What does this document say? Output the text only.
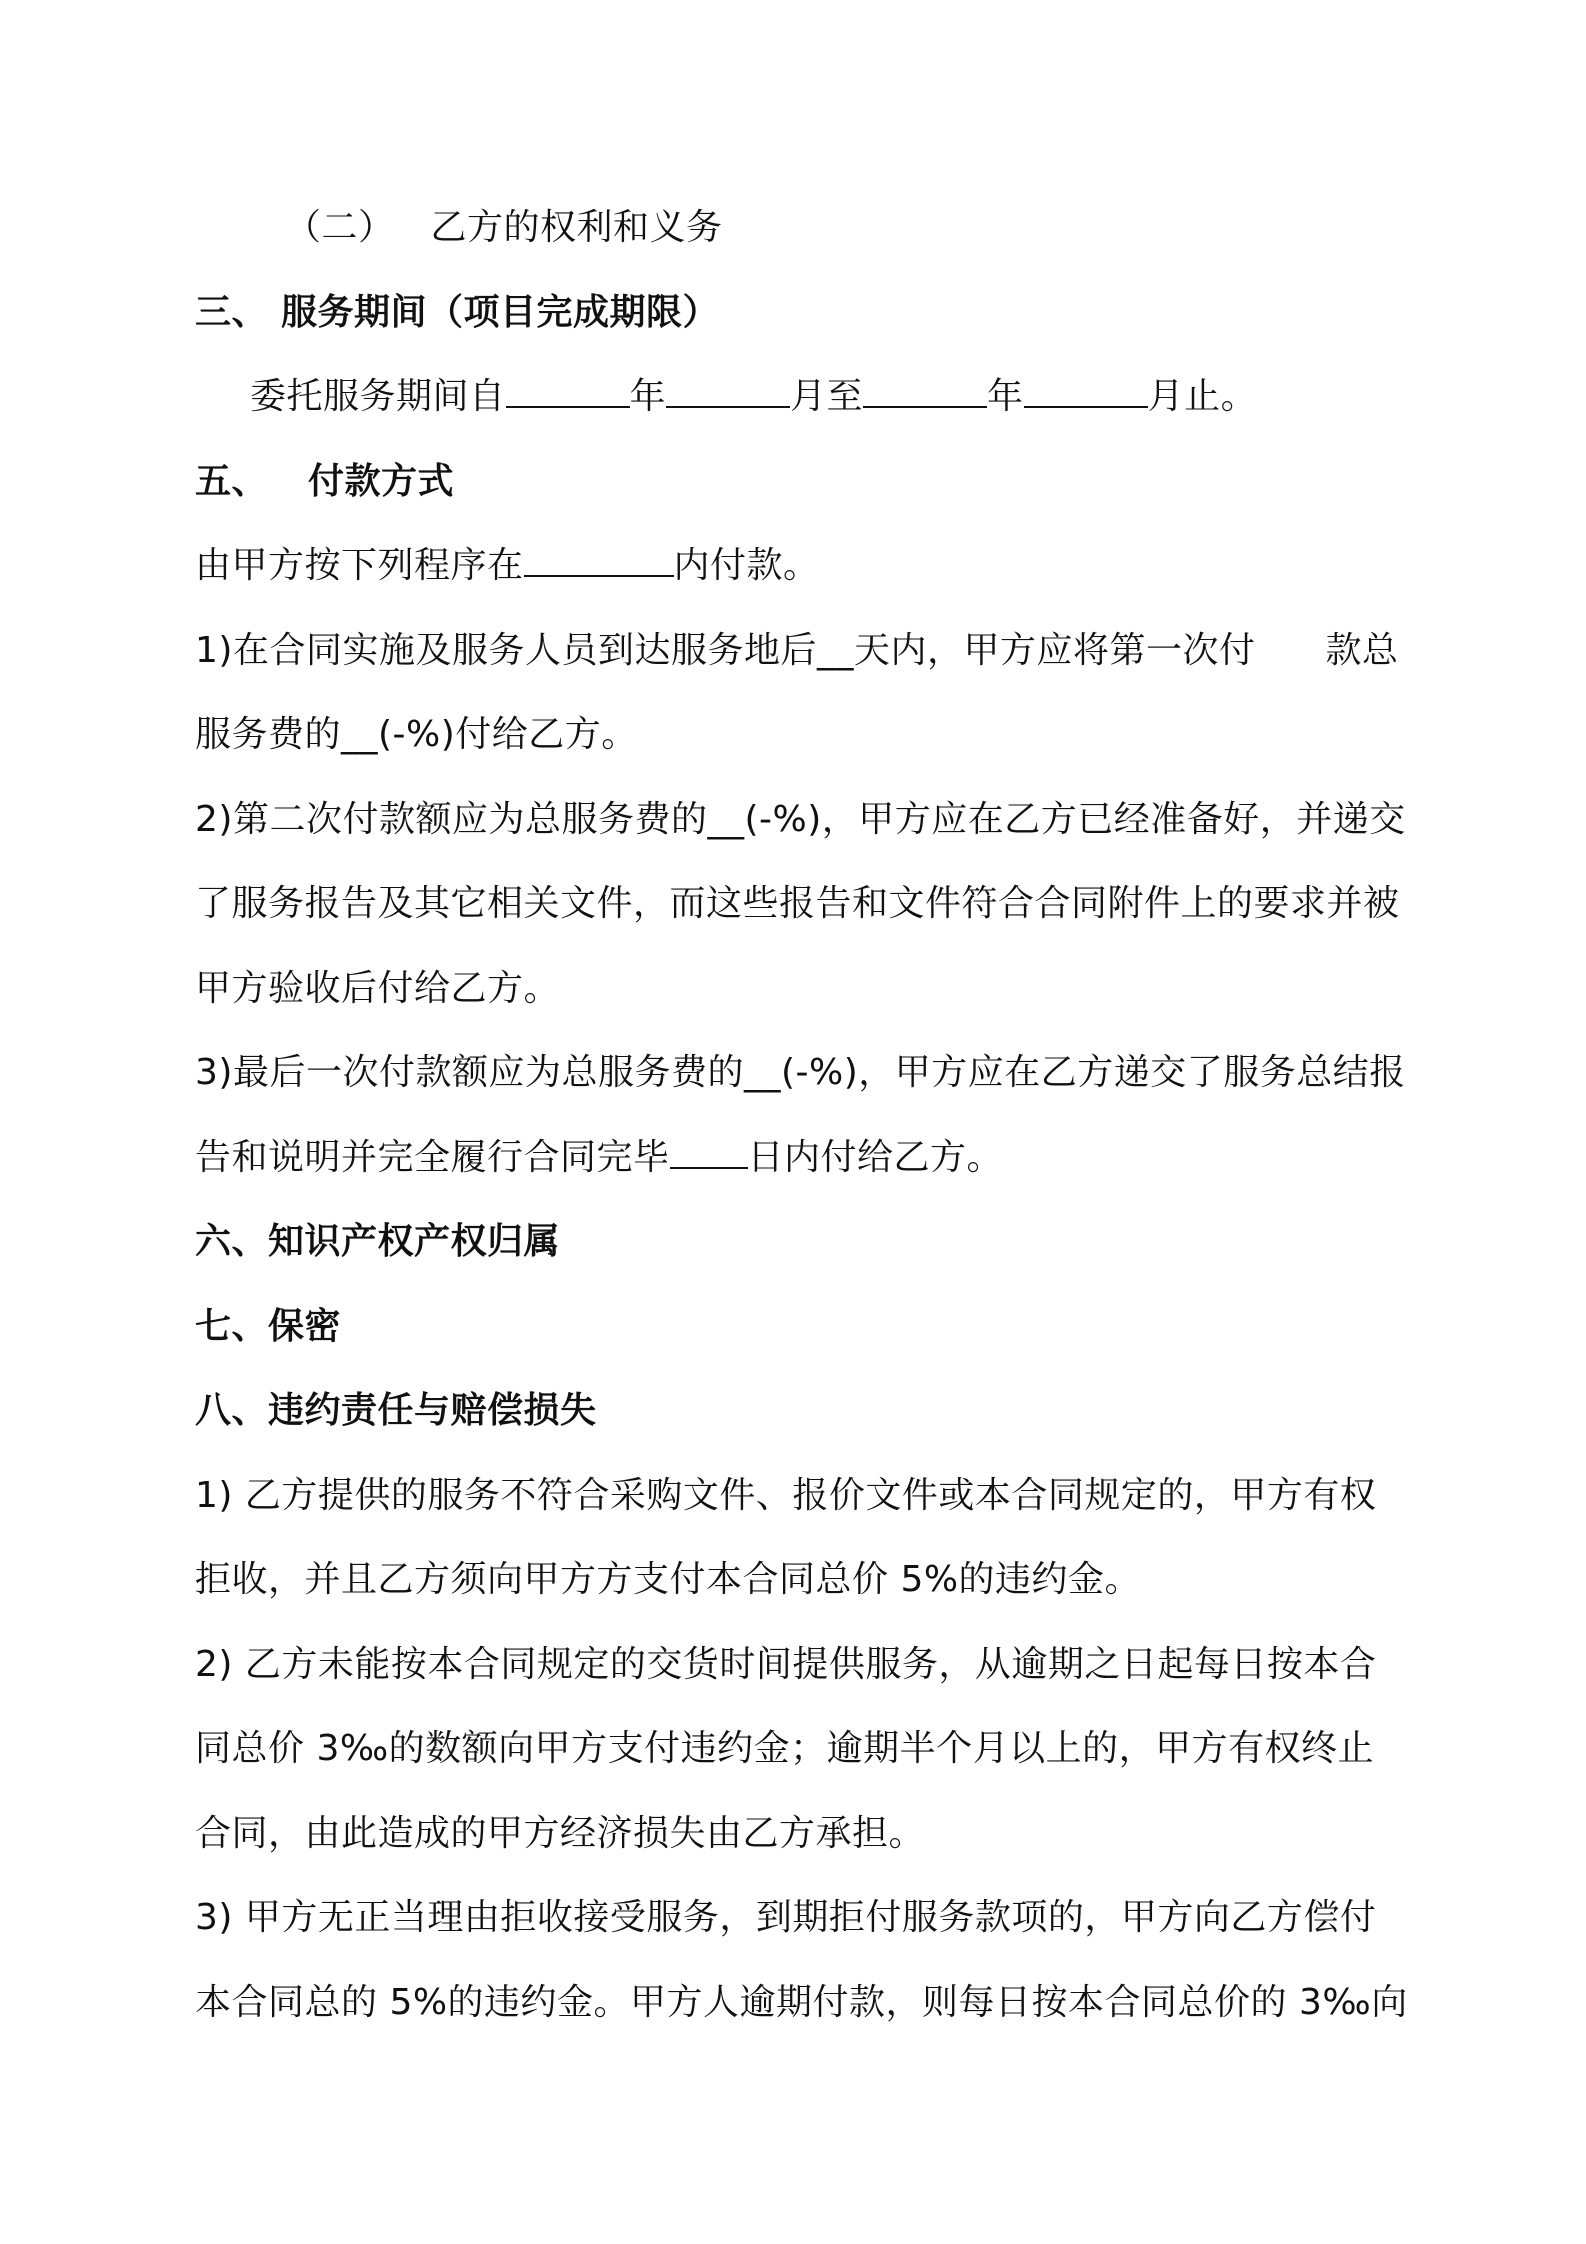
（二） 乙方的权利和义务
三、 服务期间（项目完成期限）
委托服务期间自	年	月至	年	月止。
五、 付款方式
由甲方按下列程序在	内付款。
1)在合同实施及服务人员到达服务地后__天内，甲方应将第一次付 款总
服务费的__(-%)付给乙方。
2)第二次付款额应为总服务费的__(-%)，甲方应在乙方已经准备好，并递交
了服务报告及其它相关文件，而这些报告和文件符合合同附件上的要求并被
甲方验收后付给乙方。
3)最后一次付款额应为总服务费的__(-%)，甲方应在乙方递交了服务总结报
告和说明并完全履行合同完毕 日内付给乙方。
六、知识产权产权归属
七、保密
八、违约责任与赔偿损失
1) 乙方提供的服务不符合采购文件、报价文件或本合同规定的，甲方有权
拒收，并且乙方须向甲方方支付本合同总价 5%的违约金。
2) 乙方未能按本合同规定的交货时间提供服务，从逾期之日起每日按本合
同总价 3‰的数额向甲方支付违约金；逾期半个月以上的，甲方有权终止
合同，由此造成的甲方经济损失由乙方承担。
3) 甲方无正当理由拒收接受服务，到期拒付服务款项的，甲方向乙方偿付
本合同总的 5%的违约金。甲方人逾期付款，则每日按本合同总价的 3‰向
